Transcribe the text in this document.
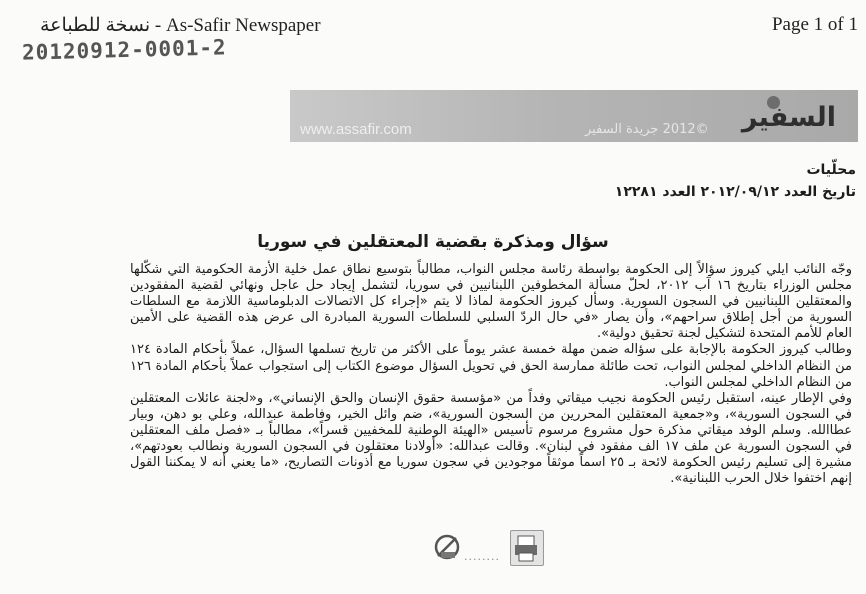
نسخة للطباعة - As-Safir Newspaper	Page 1 of 1
20120912-0001-2
www.assafir.com	©2012 جريدة السفير السفير
محلّيات
تاريخ العدد ٢٠١٢/٠٩/١٢ العدد ١٢٢٨١
سؤال ومذكرة بقضية المعتقلين في سوريا

وجّه النائب ايلي كيروز سؤالاً إلى الحكومة بواسطة رئاسة مجلس النواب، مطالباً بتوسيع نطاق عمل خلية الأزمة الحكومية التي شكّلها مجلس الوزراء بتاريخ ١٦ آب ٢٠١٢، لحلّ مسألة المخطوفين اللبنانيين في سوريا، لتشمل إيجاد حل عاجل ونهائي لقضية المفقودين والمعتقلين اللبنانيين في السجون السورية. وسأل كيروز الحكومة لماذا لا يتم «إجراء كل الاتصالات الدبلوماسية اللازمة مع السلطات السورية من أجل إطلاق سراحهم»، وأن يصار «في حال الردّ السلبي للسلطات السورية المبادرة الى عرض هذه القضية على الأمين العام للأمم المتحدة لتشكيل لجنة تحقيق دولية».

وطالب كيروز الحكومة بالإجابة على سؤاله ضمن مهلة خمسة عشر يوماً على الأكثر من تاريخ تسلمها السؤال، عملاً بأحكام المادة ١٢٤ من النظام الداخلي لمجلس النواب، تحت طائلة ممارسة الحق في تحويل السؤال موضوع الكتاب إلى استجواب عملاً بأحكام المادة ١٢٦ من النظام الداخلي لمجلس النواب.

وفي الإطار عينه، استقبل رئيس الحكومة نجيب ميقاتي وفداً من «مؤسسة حقوق الإنسان والحق الإنساني»، و«لجنة عائلات المعتقلين في السجون السورية»، و«جمعية المعتقلين المحررين من السجون السورية»، ضم وائل الخير، وفاطمة عبدالله، وعلي بو دهن، وبيار عطاالله. وسلم الوفد ميقاتي مذكرة حول مشروع مرسوم تأسيس «الهيئة الوطنية للمخفيين قسراً»، مطالباً بـ «فصل ملف المعتقلين في السجون السورية عن ملف ١٧ الف مفقود في لبنان». وقالت عبدالله: «أولادنا معتقلون في السجون السورية ونطالب بعودتهم»، مشيرة إلى تسليم رئيس الحكومة لائحة بـ ٢٥ اسماً موثقاً موجودين في سجون سوريا مع أذونات التصاريح، «ما يعني أنه لا يمكننا القول إنهم اختفوا خلال الحرب اللبنانية».

........
